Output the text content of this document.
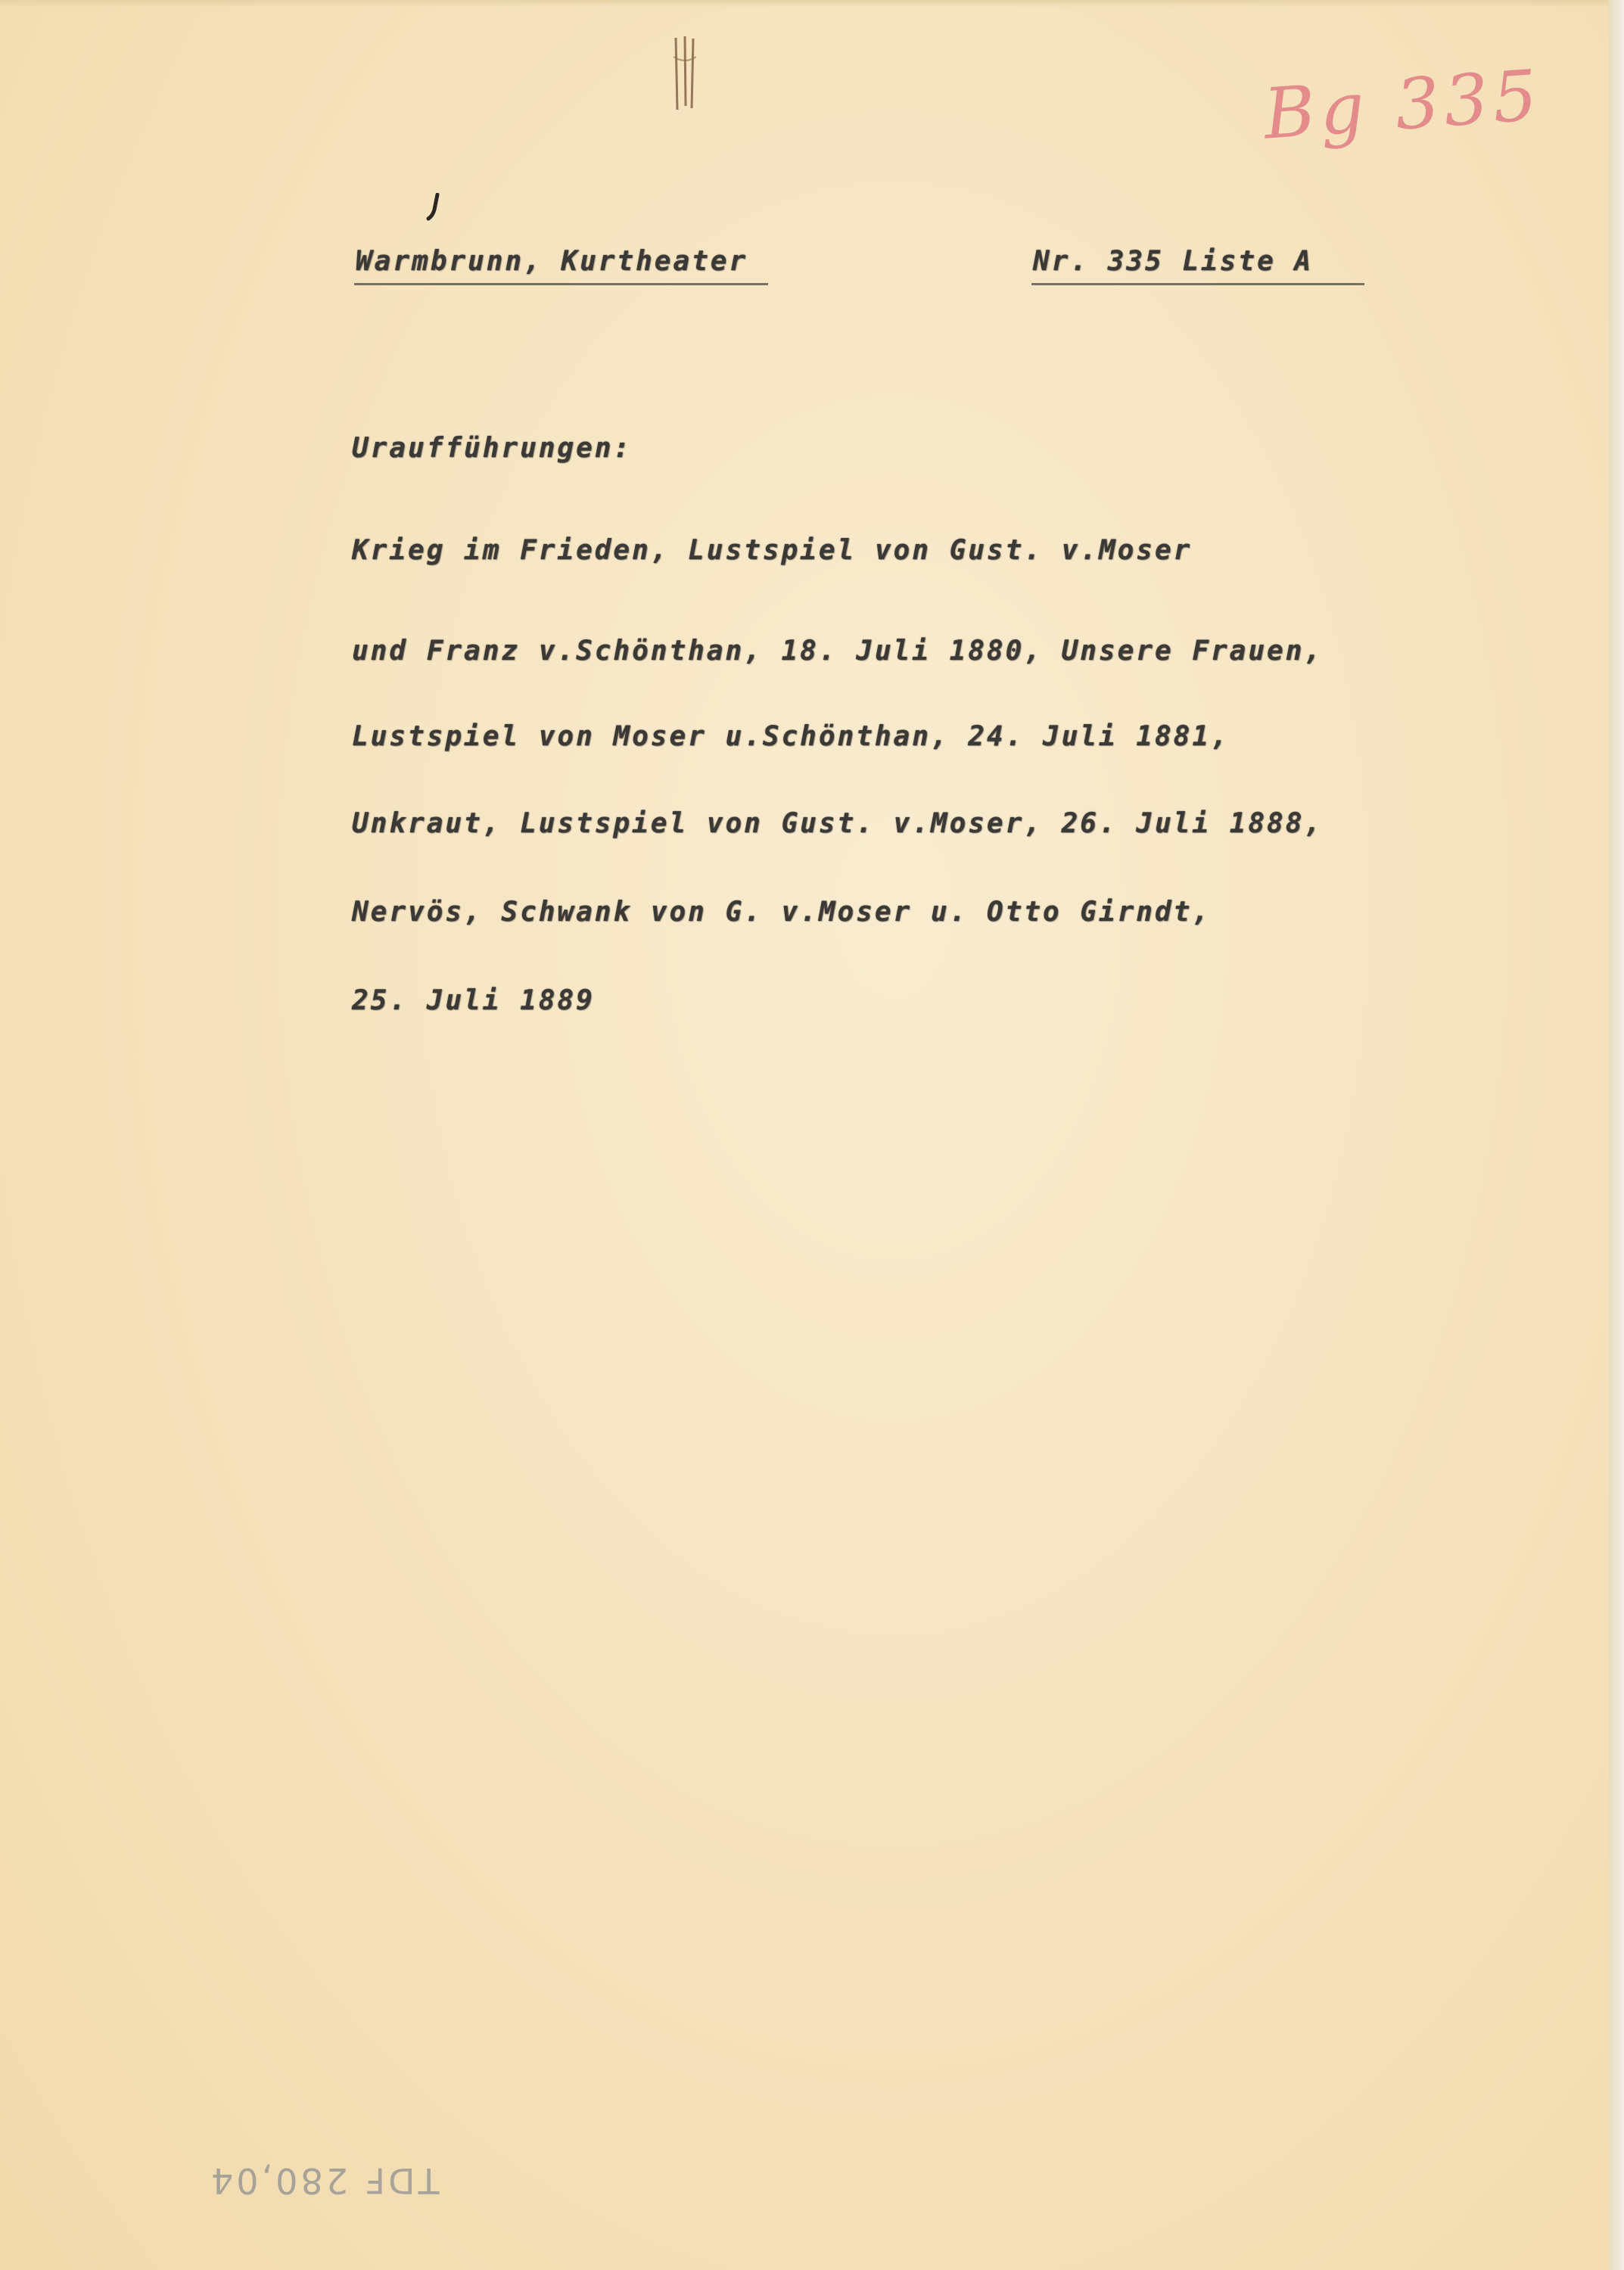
Bg 335
Warmbrunn, Kurtheater	Nr. 335 Liste A
Uraufführungen:
Krieg im Frieden, Lustspiel von Gust. v.Moser
und Franz v.Schönthan, 18. Juli 1880, Unsere Frauen,
Lustspiel von Moser u.Schönthan, 24. Juli 1881,
Unkraut, Lustspiel von Gust. v.Moser, 26. Juli 1888,
Nervös, Schwank von G. v.Moser u. Otto Girndt,
25. Juli 1889
TDF 280,04
